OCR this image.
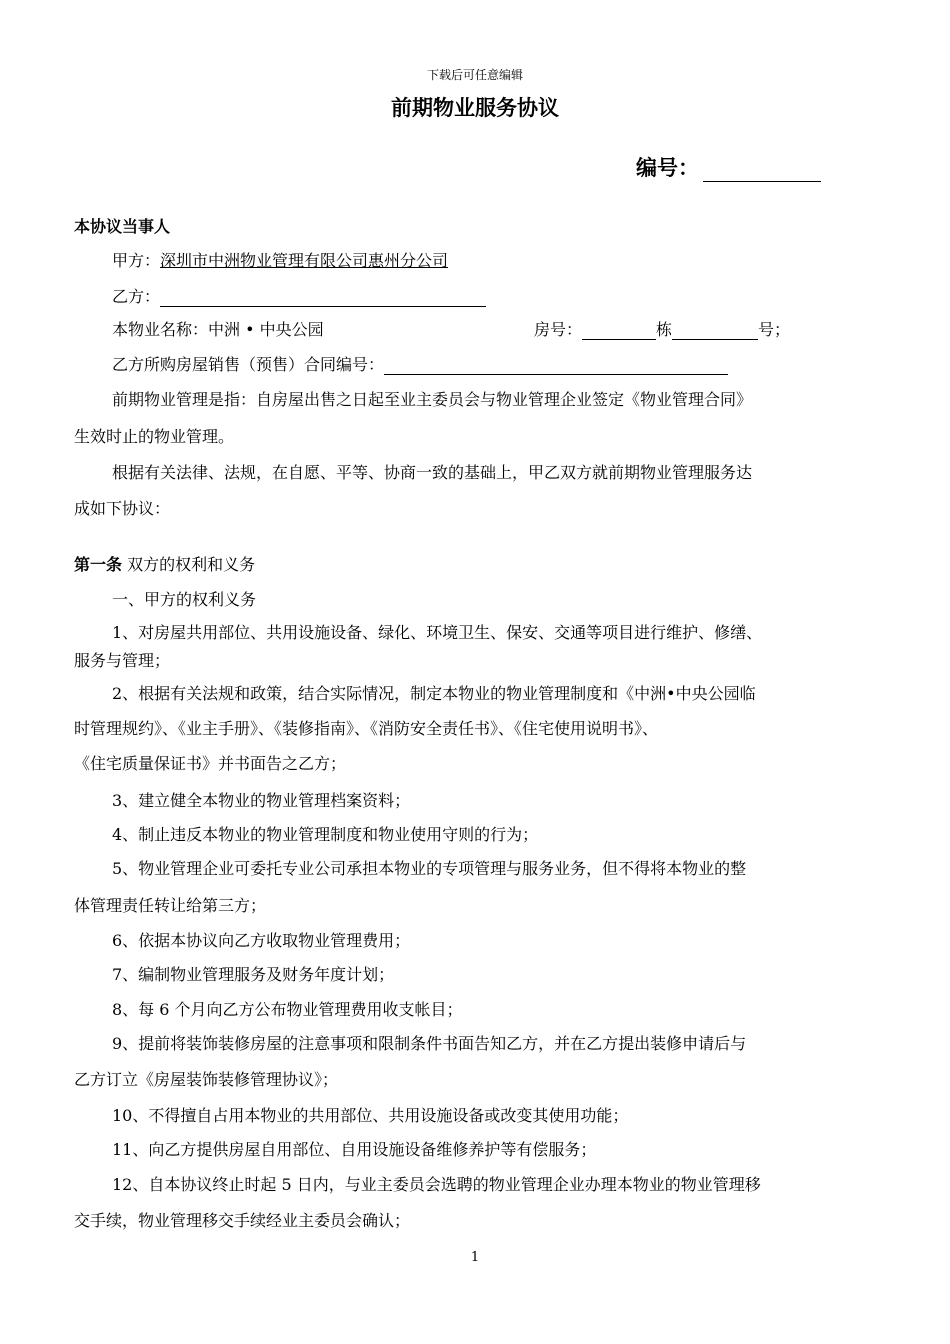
下载后可任意编辑
前期物业服务协议
编号：
本协议当事人
甲方：深圳市中洲物业管理有限公司惠州分公司
乙方：
本物业名称：中洲 • 中央公园	房号：	栋	号；
乙方所购房屋销售（预售）合同编号：
前期物业管理是指：自房屋出售之日起至业主委员会与物业管理企业签定《物业管理合同》
生效时止的物业管理。
根据有关法律、法规，在自愿、平等、协商一致的基础上，甲乙双方就前期物业管理服务达
成如下协议：
第一条 双方的权利和义务
一、甲方的权利义务
1、对房屋共用部位、共用设施设备、绿化、环境卫生、保安、交通等项目进行维护、修缮、
服务与管理；
2、根据有关法规和政策，结合实际情况，制定本物业的物业管理制度和《中洲•中央公园临
时管理规约》、《业主手册》、《装修指南》、《消防安全责任书》、《住宅使用说明书》、
《住宅质量保证书》并书面告之乙方；
3、建立健全本物业的物业管理档案资料；
4、制止违反本物业的物业管理制度和物业使用守则的行为；
5、物业管理企业可委托专业公司承担本物业的专项管理与服务业务，但不得将本物业的整
体管理责任转让给第三方；
6、依据本协议向乙方收取物业管理费用；
7、编制物业管理服务及财务年度计划；
8、每 6 个月向乙方公布物业管理费用收支帐目；
9、提前将装饰装修房屋的注意事项和限制条件书面告知乙方，并在乙方提出装修申请后与
乙方订立《房屋装饰装修管理协议》；
10、不得擅自占用本物业的共用部位、共用设施设备或改变其使用功能；
11、向乙方提供房屋自用部位、自用设施设备维修养护等有偿服务；
12、自本协议终止时起 5 日内，与业主委员会选聘的物业管理企业办理本物业的物业管理移
交手续，物业管理移交手续经业主委员会确认；
1
